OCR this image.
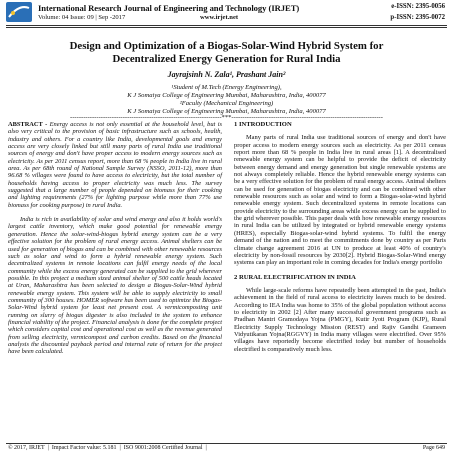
International Research Journal of Engineering and Technology (IRJET)
Volume: 04 Issue: 09 | Sep -2017	www.irjet.net
e-ISSN: 2395-0056
p-ISSN: 2395-0072
Design and Optimization of a Biogas-Solar-Wind Hybrid System for
Decentralized Energy Generation for Rural India
Jayrajsinh N. Zala¹, Prashant Jain²
¹Student of M.Tech (Energy Engineering),
K J Somaiya College of Engineering Mumbai, Maharashtra, India, 400077
²Faculty (Mechanical Engineering)
K J Somaiya College of Engineering Mumbai, Maharashtra, India, 400077
---------------------------------------------------------------------***---------------------------------------------------------------------

ABSTRACT - Energy access is not only essential at the household level, but is also very critical to the provision of basic infrastructure such as schools, health, industry and others. For a country like India, developmental goals and energy access are very closely linked but still many parts of rural India use traditional sources of energy and don't have proper access to modern energy sources such as electricity. As per 2011 census report, more than 68 % people in India live in rural area. As per 68th round of National Sample Survey (NSSO, 2011-12), more than 96.68 % villages were found to have access to electricity, but the total number of households having access to proper electricity was much less. The survey suggested that a large number of people depended on biomass for their cooking and lighting requirements (27% for lighting purpose while more than 77% use biomass for cooking purpose) in rural India.

India is rich in availability of solar and wind energy and also it holds world's largest cattle inventory, which make good potential for renewable energy generation. Hence the solar-wind-biogas hybrid energy system can be a very effective solution for the problem of rural energy access. Animal shelters can be used for generation of biogas and can be combined with other renewable resources such as solar and wind to form a hybrid renewable energy system. Such decentralized systems in remote locations can fulfil energy needs of the local community while the excess energy generated can be supplied to the grid wherever possible. In this project a medium sized animal shelter of 500 cattle heads located at Uran, Maharashtra has been selected to design a Biogas-Solar-Wind hybrid renewable energy system. This system will be able to supply electricity to small community of 300 houses. HOMER software has been used to optimize the Biogas-Solar-Wind hybrid system for least net present cost. A vermicomposting unit running on slurry of biogas digester is also included in the system to enhance financial viability of the project. Financial analysis is done for the complete project which considers capital cost and operational cost as well as the revenue generated from selling electricity, vermicompost and carbon credits. Based on the financial analysis the discounted payback period and internal rate of return for the project have been calculated.

1 INTRODUCTION

Many parts of rural India use traditional sources of energy and don't have proper access to modern energy sources such as electricity. As per 2011 census report more than 68 % people in India live in rural areas [1]. A decentralised renewable energy system can be helpful to provide the deficit of electricity between energy demand and energy generation but single renewable systems are not always completely reliable. Hence the hybrid renewable energy systems can be a very effective solution for the problem of rural energy access. Animal shelters can be used for generation of biogas electricity and can be combined with other renewable resources such as solar and wind to form a Biogas-solar-wind hybrid renewable energy system. Such decentralized systems in remote locations can provide electricity to the surrounding areas while excess energy can be supplied to the grid wherever possible. This paper deals with how renewable energy resources in rural India can be utilized by integrated or hybrid renewable energy systems (HRES), especially Biogas-solar-wind hybrid systems. To fulfil the energy demand of the nation and to meet the commitments done by country as per Paris climate change agreement 2016 at UN to produce at least 40% of country's electricity by non-fossil resources by 2030[2]. Hybrid Biogas-Solar-Wind energy systems can play an important role in coming decades for India's energy portfolio

2 RURAL ELECTRIFICATION IN INDIA

While large-scale reforms have repeatedly been attempted in the past, India's achievement in the field of rural access to electricity leaves much to be desired. According to IEA India was home to 35% of the global population without access to electricity in 2002 [2] After many successful government programs such as Pradhan Mantri Gramodaya Yojna (PMGY), Kutir Jyoti Program (KJP), Rural Electricity Supply Technology Mission (REST) and Rajiv Gandhi Grameen Vidyutikaran Yojna(RGGVY) in India many villages were electrified. Over 95% villages have reportedly become electrified today but number of households electrified is comparatively much less.

© 2017, IRJET | Impact Factor value: 5.181 | ISO 9001:2008 Certified Journal |	Page 649
